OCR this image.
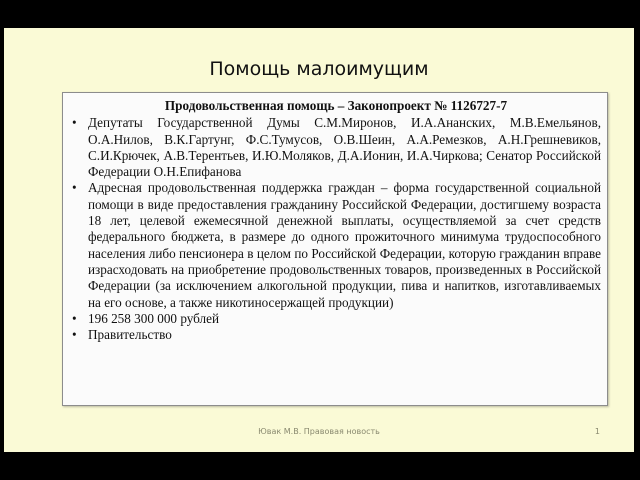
Помощь малоимущим
Продовольственная помощь – Законопроект № 1126727-7
• Депутаты Государственной Думы С.М.Миронов, И.А.Ананских, М.В.Емельянов, О.А.Нилов, В.К.Гартунг, Ф.С.Тумусов, О.В.Шеин, А.А.Ремезков, А.Н.Грешневиков, С.И.Крючек, А.В.Терентьев, И.Ю.Моляков, Д.А.Ионин, И.А.Чиркова; Сенатор Российской Федерации О.Н.Епифанова
• Адресная продовольственная поддержка граждан – форма государственной социальной помощи в виде предоставления гражданину Российской Федерации, достигшему возраста 18 лет, целевой ежемесячной денежной выплаты, осуществляемой за счет средств федерального бюджета, в размере до одного прожиточного минимума трудоспособного населения либо пенсионера в целом по Российской Федерации, которую гражданин вправе израсходовать на приобретение продовольственных товаров, произведенных в Российской Федерации (за исключением алкогольной продукции, пива и напитков, изготавливаемых на его основе, а также никотиносержащей продукции)
• 196 258 300 000 рублей
• Правительство
Ювак М.В. Правовая новость	1
